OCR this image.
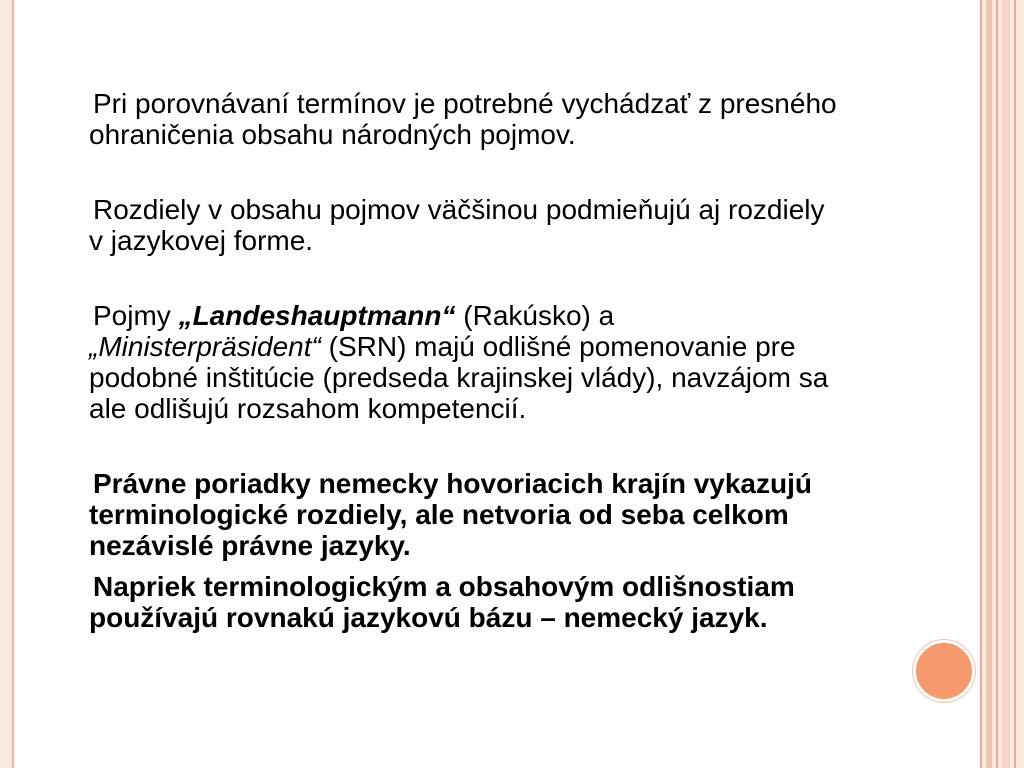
Pri porovnávaní termínov je potrebné vychádzať z presného ohraničenia obsahu národných pojmov.

Rozdiely v obsahu pojmov väčšinou podmieňujú aj rozdiely v jazykovej forme.

Pojmy „Landeshauptmann“ (Rakúsko) a „Ministerpräsident“ (SRN) majú odlišné pomenovanie pre podobné inštitúcie (predseda krajinskej vlády), navzájom sa ale odlišujú rozsahom kompetencií.

Právne poriadky nemecky hovoriacich krajín vykazujú terminologické rozdiely, ale netvoria od seba celkom nezávislé právne jazyky.

Napriek terminologickým a obsahovým odlišnostiam používajú rovnakú jazykovú bázu – nemecký jazyk.
